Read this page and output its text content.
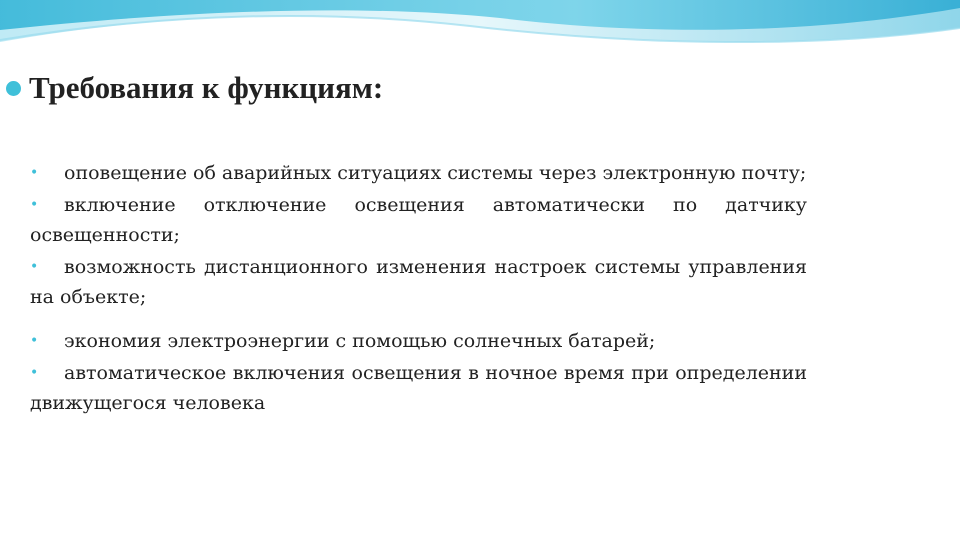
Требования к функциям:
• оповещение об аварийных ситуациях системы через электронную почту;
• включение отключение освещения автоматически по датчику освещенности;
• возможность дистанционного изменения настроек системы управления на объекте;
• экономия электроэнергии с помощью солнечных батарей;
• автоматическое включения освещения в ночное время при определении движущегося человека
